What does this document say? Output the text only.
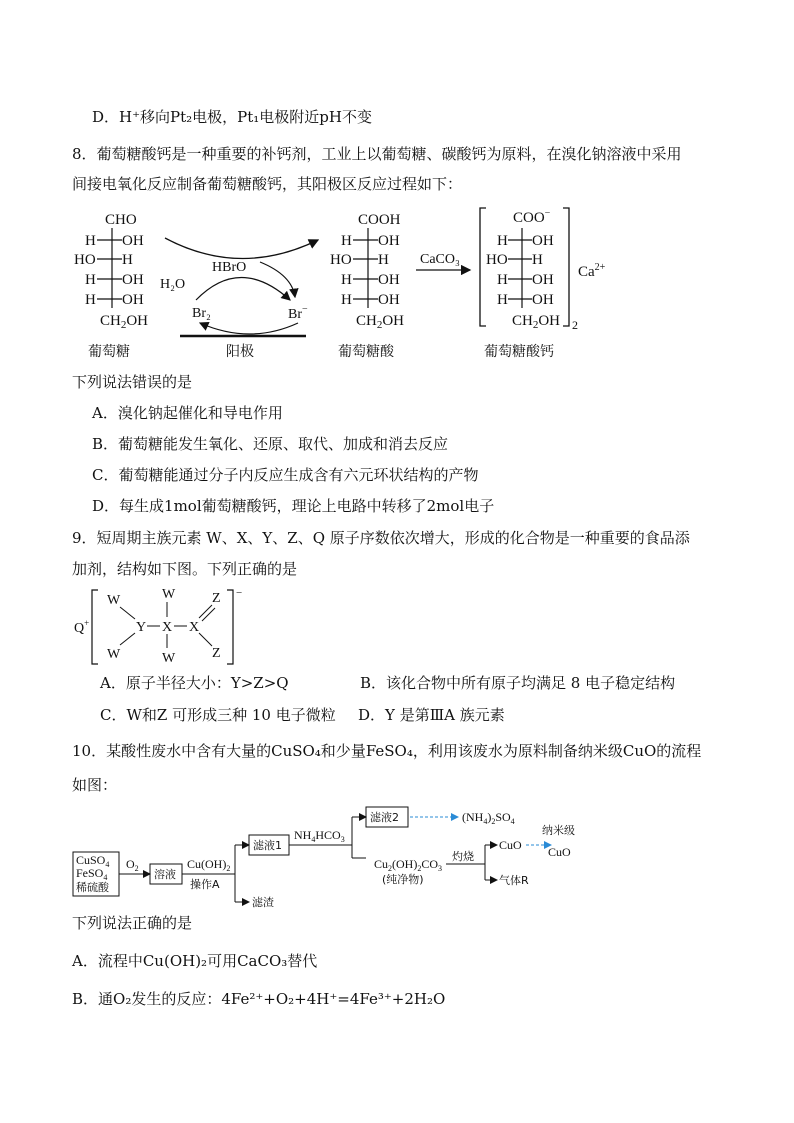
D．H⁺移向Pt₂电极，Pt₁电极附近pH不变
8．葡萄糖酸钙是一种重要的补钙剂，工业上以葡萄糖、碳酸钙为原料，在溴化钠溶液中采用
间接电氧化反应制备葡萄糖酸钙，其阳极区反应过程如下：
CHO
H OH
HO H
H OH
H OH
$CH_2OH$
葡萄糖
HBrO
H₂O
Br₂	Br−
阳极
COOH
H OH
HO H
H OH
H OH
$CH_2OH$
葡萄糖酸
CaCO₃
COO−
H OH
HO H
H OH
H OH
$CH_2OH$ 2
$Ca^{2+}$
葡萄糖酸钙
下列说法错误的是
A．溴化钠起催化和导电作用
B．葡萄糖能发生氧化、还原、取代、加成和消去反应
C．葡萄糖能通过分子内反应生成含有六元环状结构的产物
D．每生成1mol葡萄糖酸钙，理论上电路中转移了2mol电子
9．短周期主族元素 W、X、Y、Z、Q 原子序数依次增大，形成的化合物是一种重要的食品添
加剂，结构如下图。下列正确的是
Q+
−
W	W
W	W
Y X X
Z
Z
A．原子半径大小：Y>Z>Q	B．该化合物中所有原子均满足 8 电子稳定结构
C．W和Z 可形成三种 10 电子微粒 D．Y 是第ⅢA 族元素
10．某酸性废水中含有大量的CuSO₄和少量FeSO₄，利用该废水为原料制备纳米级CuO的流程
如图：
CuSO$_4$
FeSO$_4$
稀硫酸
$O_2$ 溶液
$Cu(OH)_2$
操作A
滤渣
滤液1
$NH_4HCO_3$
滤液2	$(NH_4)_2SO_4$
$Cu_2(OH)_2CO_3$
(纯净物)
灼烧
CuO
纳米级
CuO
气体R
下列说法正确的是
A．流程中Cu(OH)₂可用CaCO₃替代
B．通O₂发生的反应：4Fe²⁺+O₂+4H⁺=4Fe³⁺+2H₂O
